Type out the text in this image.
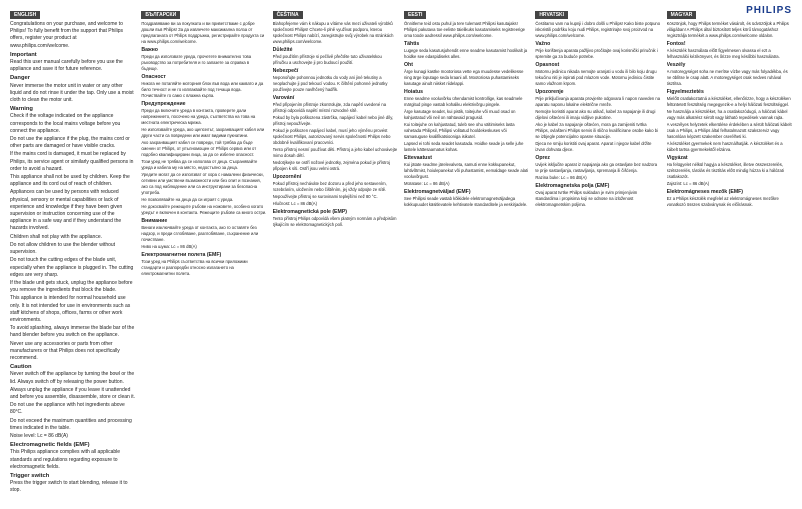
PHILIPS
ENGLISH
Congratulations on your purchase, and welcome to Philips! To fully benefit from the support that Philips offers, register your product at www.philips.com/welcome.
Important
Read this user manual carefully before you use the appliance and save it for future reference.
Danger
Never immerse the motor unit in water or any other liquid and do not rinse it under the tap. Only use a moist cloth to clean the motor unit.
Warning
Check if the voltage indicated on the appliance corresponds to the local mains voltage before you connect the appliance.
Do not use the appliance if the plug, the mains cord or other parts are damaged or have visible cracks.
If the mains cord is damaged, it must be replaced by Philips, its service agent or similarly qualified persons in order to avoid a hazard.
This appliance shall not be used by children. Keep the appliance and its cord out of reach of children.
Appliances can be used by persons with reduced physical, sensory or mental capabilities or lack of experience and knowledge if they have been given supervision or instruction concerning use of the appliance in a safe way and if they understand the hazards involved.
Children shall not play with the appliance.
Do not allow children to use the blender without supervision.
Do not touch the cutting edges of the blade unit, especially when the appliance is plugged in. The cutting edges are very sharp.
If the blade unit gets stuck, unplug the appliance before you remove the ingredients that block the blade.
This appliance is intended for normal household use only. It is not intended for use in environments such as staff kitchens of shops, offices, farms or other work environments.
To avoid splashing, always immerse the blade bar of the hand blender before you switch on the appliance.
Never use any accessories or parts from other manufacturers or that Philips does not specifically recommend.
Caution
Never switch off the appliance by turning the bowl or the lid. Always switch off by releasing the power button.
Always unplug the appliance if you leave it unattended and before you assemble, disassemble, store or clean it.
Do not use the appliance with hot ingredients above 80°C.
Do not exceed the maximum quantities and processing times indicated in the table.
Noise level: Lc = 86 dB(A)
Electromagnetic fields (EMF)
This Philips appliance complies with all applicable standards and regulations regarding exposure to electromagnetic fields.
Trigger switch
Press the trigger switch to start blending, release it to stop.
БЪЛГАРСКИ
Поздравяваме ви за покупката и ви приветстваме с добре дошли във Philips! За да извлечете максимална полза от предлаганата от Philips поддръжка, регистрирайте продукта си на www.philips.com/welcome.
Важно
Преди да използвате уреда, прочетете внимателно това ръководство за потребителя и го запазете за справка в бъдеще.
Опасност
Никога не потапяйте моторния блок във вода или каквато и да било течност и не го изплаквайте под течаща вода. Почиствайте го само с влажна кърпа.
Предупреждение
Преди да включите уреда в контакта, проверете дали напрежението, посочено на уреда, съответства на това на местната електрическа мрежа.
Не използвайте уреда, ако щепселът, захранващият кабел или други части са повредени или имат видими пукнатини.
Ако захранващият кабел се повреди, той трябва да бъде сменен от Philips, от упълномощен от Philips сервиз или от подобно квалифицирани лица, за да се избегне опасност.
Този уред не трябва да се използва от деца. Съхранявайте уреда и кабела му на място, недостъпно за деца.
Уредите могат да се използват от хора с намалени физически, сетивни или умствени възможности или без опит и познания, ако са под наблюдение или са инструктирани за безопасна употреба.
Не позволявайте на деца да си играят с уреда.
Не докосвайте режещите ръбове на ножовете, особено когато уредът е включен в контакта. Режещите ръбове са много остри.
Внимание
Винаги изключвайте уреда от контакта, ако го оставяте без надзор, и преди сглобяване, разглобяване, съхранение или почистване.
Ниво на шума: Lc = 86 dB(A)
Електромагнитни полета (EMF)
Този уред на Philips съответства на всички приложими стандарти и разпоредби относно излагането на електромагнитни полета.
ČEŠTINA
Blahopřejeme vám k nákupu a vítáme vás mezi uživateli výrobků společnosti Philips! Chcete-li plně využívat podporu, kterou společnost Philips nabízí, zaregistrujte svůj výrobek na stránkách www.philips.com/welcome.
Důležité
Před použitím přístroje si pečlivě přečtěte tuto uživatelskou příručku a uschovejte ji pro budoucí použití.
Nebezpečí
Neponořujte pohonnou jednotku do vody ani jiné tekutiny a neoplachujte ji pod tekoucí vodou. K čištění pohonné jednotky používejte pouze navlhčený hadřík.
Varování
Před připojením přístroje zkontrolujte, zda napětí uvedené na přístroji odpovídá napětí místní rozvodné sítě.
Pokud by byla poškozena zástrčka, napájecí kabel nebo jiné díly, přístroj nepoužívejte.
Pokud je poškozen napájecí kabel, musí jeho výměnu provést společnost Philips, autorizovaný servis společnosti Philips nebo obdobně kvalifikovaní pracovníci.
Tento přístroj nesmí používat děti. Přístroj a jeho kabel uchovávejte mimo dosah dětí.
Nedotýkejte se ostří nožové jednotky, zejména pokud je přístroj připojen k síti. Ostří jsou velmi ostrá.
Upozornění
Pokud přístroj necháváte bez dozoru a před jeho sestavením, rozebráním, uložením nebo čištěním, jej vždy odpojte ze sítě.
Nepoužívejte přístroj se surovinami teplejšími než 80 °C.
Hlučnost: Lc = 86 dB(A)
Elektromagnetická pole (EMP)
Tento přístroj Philips odpovídá všem platným normám a předpisům týkajícím se elektromagnetických polí.
EESTI
Õnnitleme teid ostu puhul ja tere tulemast Philipsi kasutajaks! Philipsi pakutava toe eeliste täielikuks kasutamiseks registreerige oma toode aadressil www.philips.com/welcome.
Tähtis
Lugege seda kasutusjuhendit enne seadme kasutamist hoolikalt ja hoidke see edaspidiseks alles.
Oht
Ärge kunagi kastke mootoriosa vette ega muudesse vedelikesse ning ärge loputage seda kraani all. Mootoriosa puhastamiseks kasutage ainult niisket riidelappi.
Hoiatus
Enne seadme vooluvõrku ühendamist kontrollige, kas seadmele märgitud pinge vastab kohaliku elektrivõrgu pingele.
Ärge kasutage seadet, kui pistik, toitejuhe või muud osad on kahjustatud või neil on nähtavaid pragusid.
Kui toitejuhe on kahjustatud, tuleb see ohu vältimiseks lasta vahetada Philipsil, Philipsi volitatud hooldekeskuses või samasuguse kvalifikatsiooniga isikutel.
Lapsed ei tohi seda seadet kasutada. Hoidke seade ja selle juhe lastele kättesaamatus kohas.
Ettevaatust
Kui jätate seadme järelevalveta, samuti enne kokkupanekut, lahtivõtmist, hoiulepanekut või puhastamist, eemaldage seade alati vooluvõrgust.
Müratase: Lc = 86 dB(A)
Elektromagnetväljad (EMF)
See Philipsi seade vastab kõikidele elektromagnetväljadega kokkupuudet käsitlevatele kehtivatele standarditele ja eeskirjadele.
HRVATSKI
Čestitamo vam na kupnji i dobro došli u Philips! Kako biste potpuno iskoristili podršku koju nudi Philips, registrirajte svoj proizvod na www.philips.com/welcome.
Važno
Prije korištenja aparata pažljivo pročitajte ovaj korisnički priručnik i spremite ga za buduće potrebe.
Opasnost
Motornu jedinicu nikada nemojte uranjati u vodu ili bilo koju drugu tekućinu niti je ispirati pod mlazom vode. Motornu jedinicu čistite samo vlažnom krpom.
Upozorenje
Prije priključivanja aparata provjerite odgovara li napon naveden na aparatu naponu lokalne električne mreže.
Nemojte koristiti aparat ako su utikač, kabel za napajanje ili drugi dijelovi oštećeni ili imaju vidljive pukotine.
Ako je kabel za napajanje oštećen, mora ga zamijeniti tvrtka Philips, ovlašteni Philips servis ili slično kvalificirane osobe kako bi se izbjegle potencijalno opasne situacije.
Djeca ne smiju koristiti ovaj aparat. Aparat i njegov kabel držite izvan dohvata djece.
Oprez
Uvijek isključite aparat iz napajanja ako ga ostavljate bez nadzora te prije sastavljanja, rastavljanja, spremanja ili čišćenja.
Razina buke: Lc = 86 dB(A)
Elektromagnetska polja (EMF)
Ovaj aparat tvrtke Philips sukladan je svim primjenjivim standardima i propisima koji se odnose na izloženost elektromagnetskim poljima.
MAGYAR
Köszönjük, hogy Philips terméket vásárolt, és üdvözöljük a Philips világában! A Philips által biztosított teljes körű támogatáshoz regisztrálja termékét a www.philips.com/welcome oldalon.
Fontos!
A készülék használata előtt figyelmesen olvassa el ezt a felhasználói kézikönyvet, és őrizze meg későbbi használatra.
Veszély
A motoregységet soha ne merítse vízbe vagy más folyadékba, és ne öblítse le csap alatt. A motoregységet csak nedves ruhával tisztítsa.
Figyelmeztetés
Mielőtt csatlakoztatná a készüléket, ellenőrizze, hogy a készüléken feltüntetett feszültség megegyezik-e a helyi hálózati feszültséggel.
Ne használja a készüléket, ha a csatlakozódugó, a hálózati kábel vagy más alkatrész sérült vagy látható repedések vannak rajta.
A veszélyes helyzetek elkerülése érdekében a sérült hálózati kábelt csak a Philips, a Philips által felhatalmazott szakszerviz vagy hasonlóan képzett szakember cserélheti ki.
A készüléket gyermekek nem használhatják. A készüléket és a kábelt tartsa gyermekektől elzárva.
Vigyázat
Ha felügyelet nélkül hagyja a készüléket, illetve összeszerelés, szétszerelés, tárolás és tisztítás előtt mindig húzza ki a hálózati csatlakozót.
Zajszint: Lc = 86 dB(A)
Elektromágneses mezők (EMF)
Ez a Philips készülék megfelel az elektromágneses mezőkre vonatkozó összes szabványnak és előírásnak.
